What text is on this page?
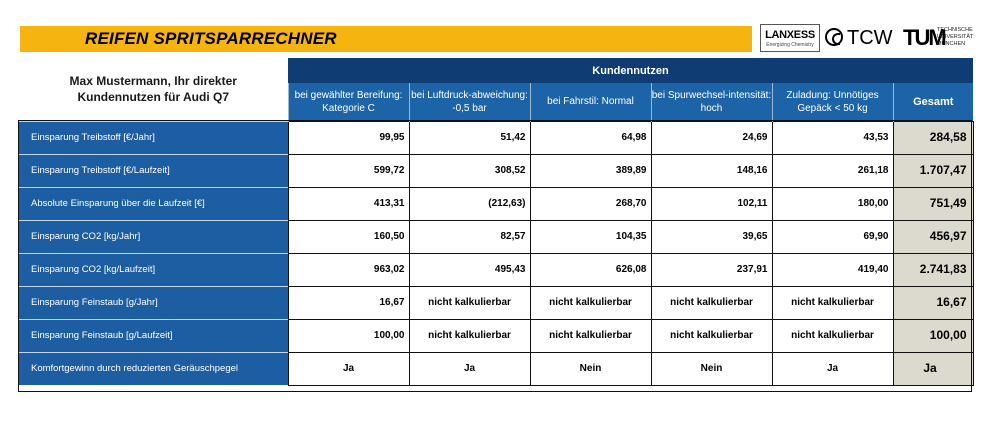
REIFEN SPRITSPARRECHNER	LANXESS
Energizing Chemistry TCW TUM
TECHNISCHE UNIVERSITÄT MÜNCHEN
Max Mustermann, Ihr direkter Kundennutzen für Audi Q7	Kundennutzen					
	bei gewählter Bereifung: Kategorie C	bei Luftdruck-abweichung: -0,5 bar	bei Fahrstil: Normal	bei Spurwechsel-intensität: hoch	Zuladung: Unnötiges Gepäck < 50 kg	Gesamt
Einsparung Treibstoff [€/Jahr]	99,95	51,42	64,98	24,69	43,53	284,58
Einsparung Treibstoff [€/Laufzeit]	599,72	308,52	389,89	148,16	261,18	1.707,47
Absolute Einsparung über die Laufzeit [€]	413,31	(212,63)	268,70	102,11	180,00	751,49
Einsparung CO2 [kg/Jahr]	160,50	82,57	104,35	39,65	69,90	456,97
Einsparung CO2 [kg/Laufzeit]	963,02	495,43	626,08	237,91	419,40	2.741,83
Einsparung Feinstaub [g/Jahr]	16,67	nicht kalkulierbar	nicht kalkulierbar	nicht kalkulierbar	nicht kalkulierbar	16,67
Einsparung Feinstaub [g/Laufzeit]	100,00	nicht kalkulierbar	nicht kalkulierbar	nicht kalkulierbar	nicht kalkulierbar	100,00
Komfortgewinn durch reduzierten Geräuschpegel	Ja	Ja	Nein	Nein	Ja	Ja
